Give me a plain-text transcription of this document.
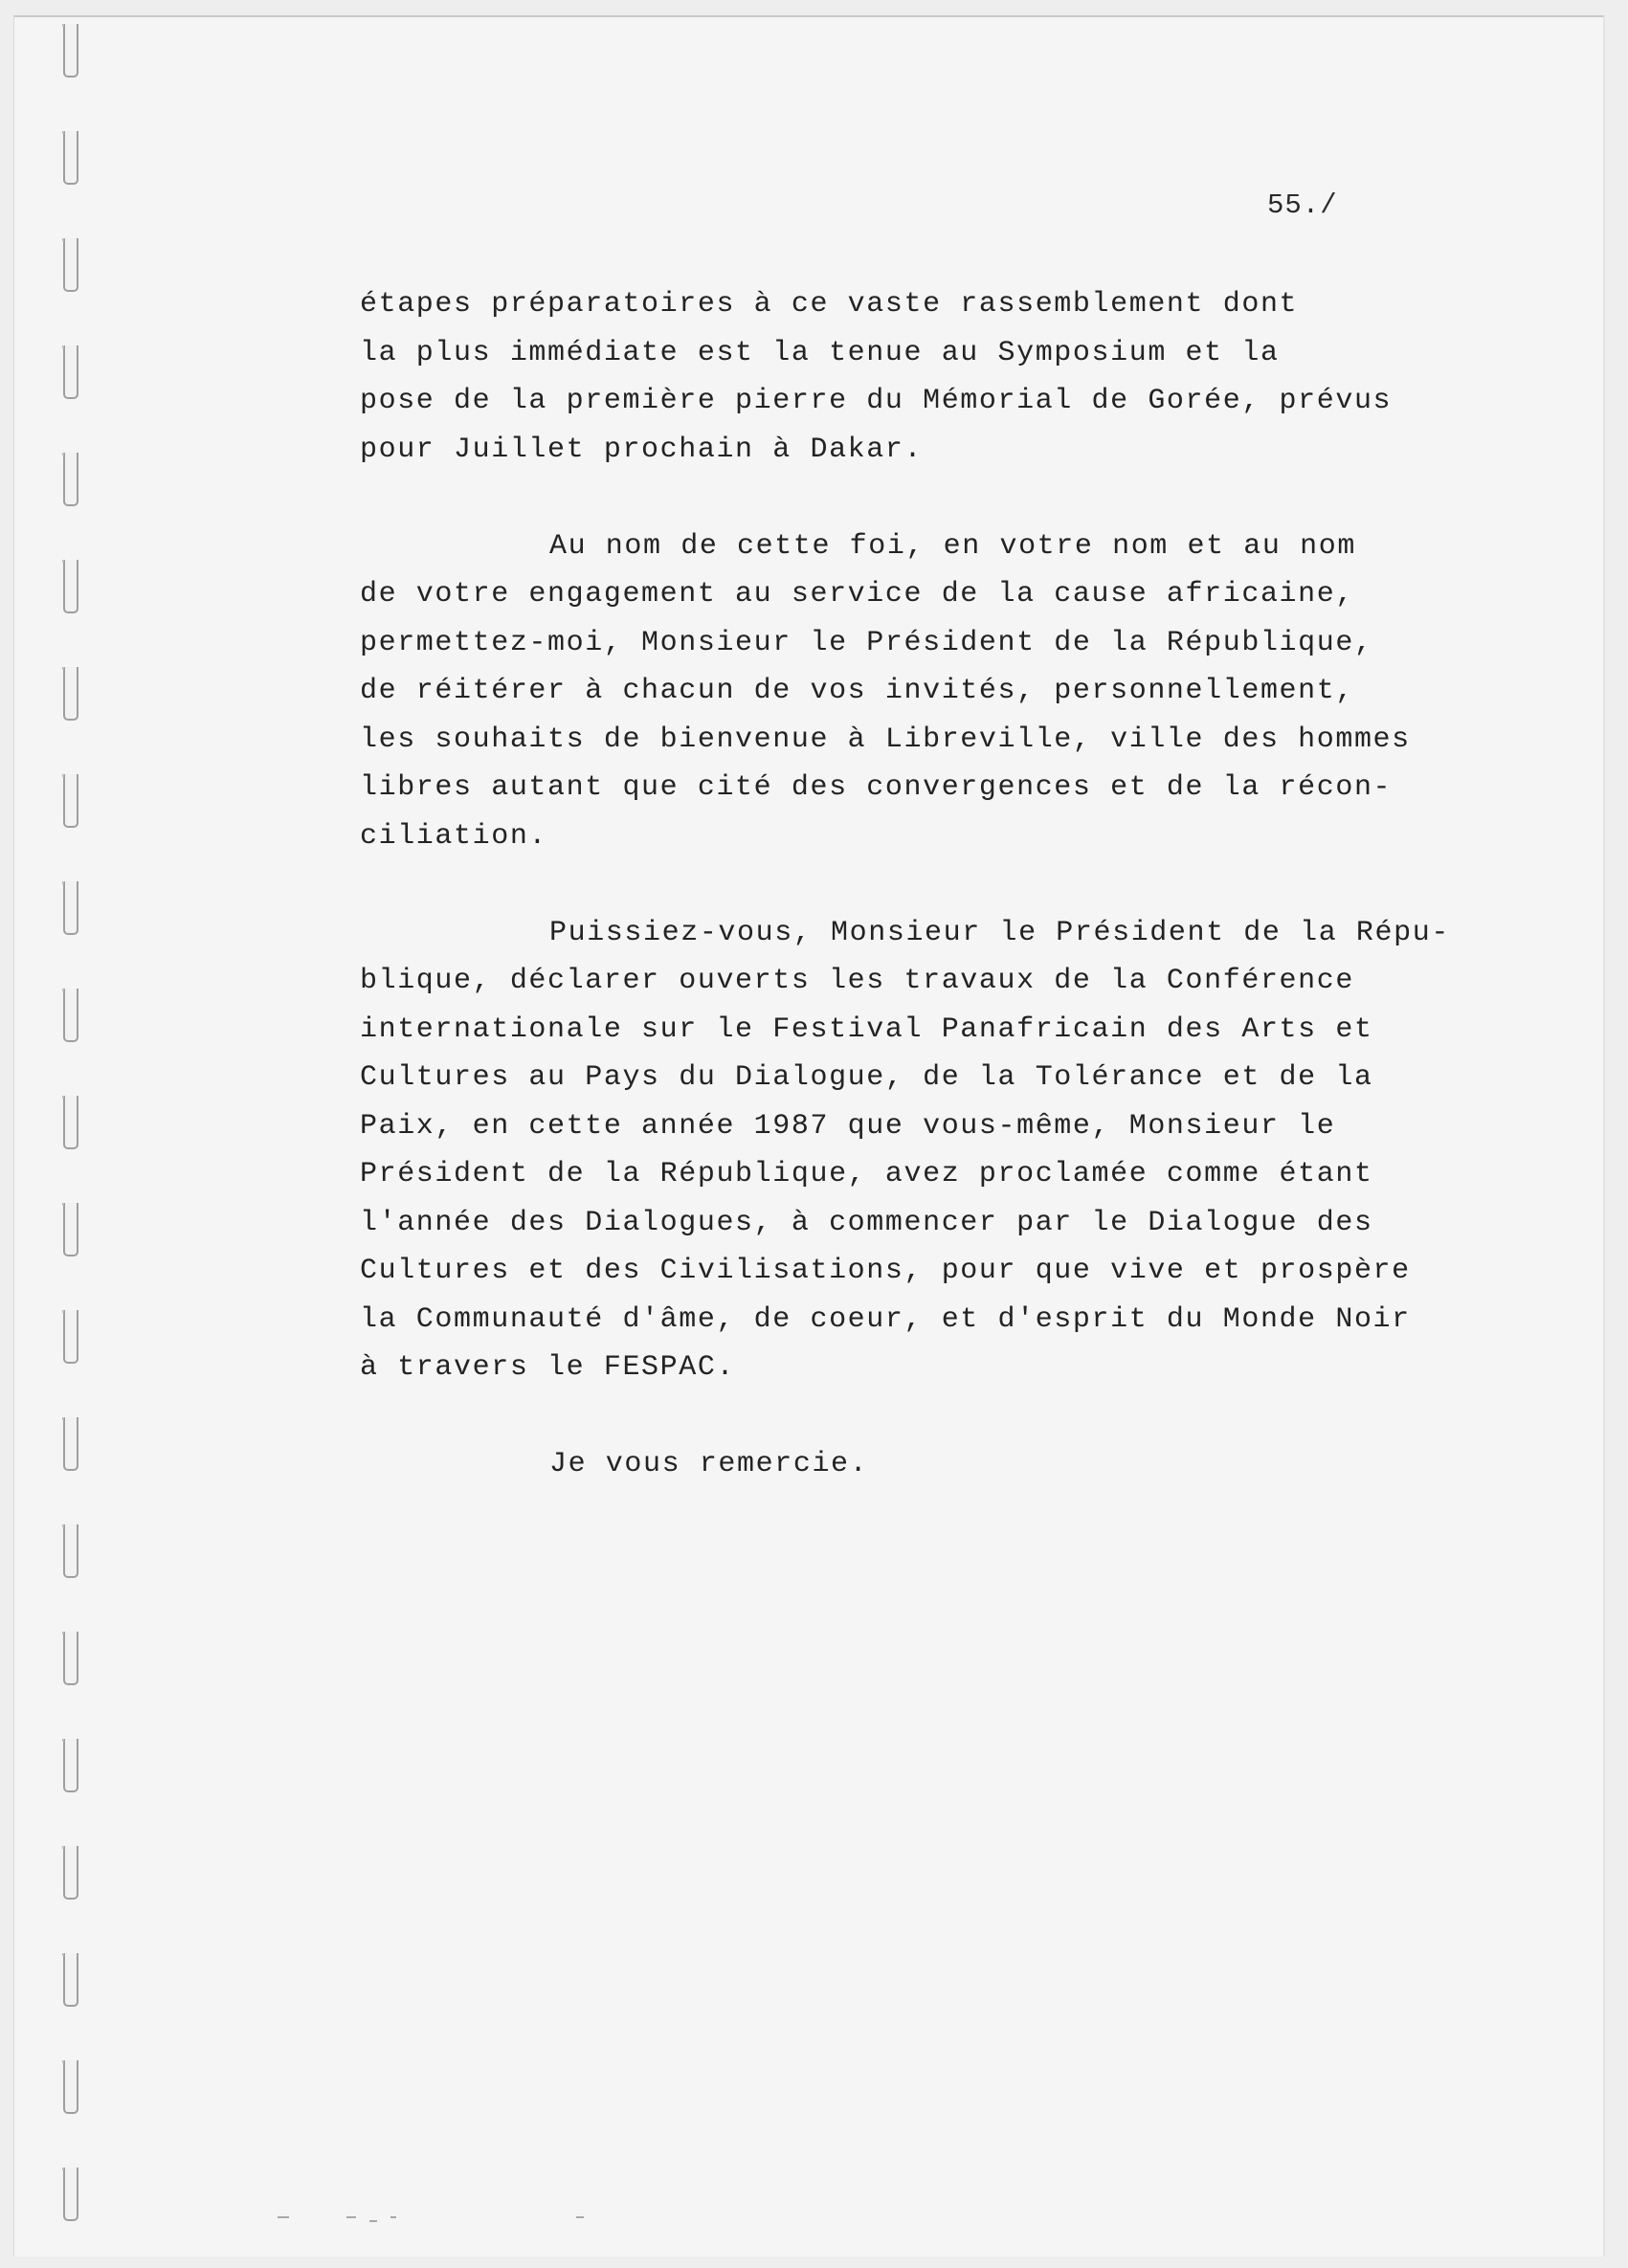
55./
étapes préparatoires à ce vaste rassemblement dont
la plus immédiate est la tenue au Symposium et la
pose de la première pierre du Mémorial de Gorée, prévus
pour Juillet prochain à Dakar.
Au nom de cette foi, en votre nom et au nom
de votre engagement au service de la cause africaine,
permettez-moi, Monsieur le Président de la République,
de réitérer à chacun de vos invités, personnellement,
les souhaits de bienvenue à Libreville, ville des hommes
libres autant que cité des convergences et de la récon-
ciliation.
Puissiez-vous, Monsieur le Président de la Répu-
blique, déclarer ouverts les travaux de la Conférence
internationale sur le Festival Panafricain des Arts et
Cultures au Pays du Dialogue, de la Tolérance et de la
Paix, en cette année 1987 que vous-même, Monsieur le
Président de la République, avez proclamée comme étant
l'année des Dialogues, à commencer par le Dialogue des
Cultures et des Civilisations, pour que vive et prospère
la Communauté d'âme, de coeur, et d'esprit du Monde Noir
à travers le FESPAC.
Je vous remercie.
